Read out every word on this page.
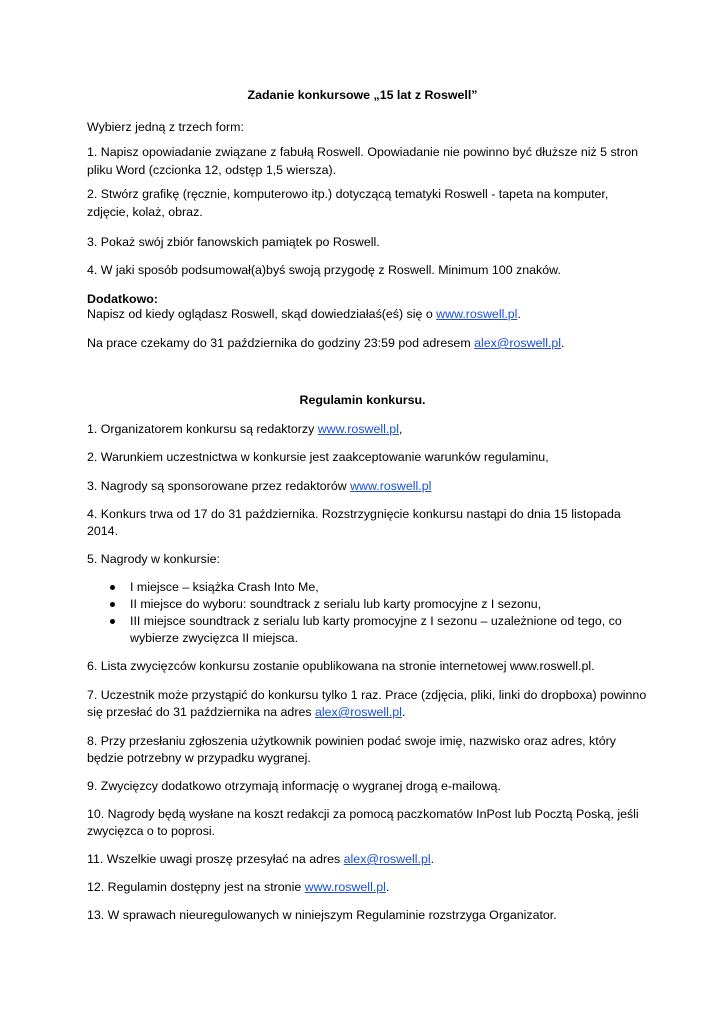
Zadanie konkursowe „15 lat z Roswell”

Wybierz jedną z trzech form:

1. Napisz opowiadanie związane z fabułą Roswell. Opowiadanie nie powinno być dłuższe niż 5 stron

pliku Word (czcionka 12, odstęp 1,5 wiersza).

2. Stwórz grafikę (ręcznie, komputerowo itp.) dotyczącą tematyki Roswell - tapeta na komputer,

zdjęcie, kolaż, obraz.

3. Pokaż swój zbiór fanowskich pamiątek po Roswell.

4. W jaki sposób podsumował(a)byś swoją przygodę z Roswell. Minimum 100 znaków.

Dodatkowo:

Napisz od kiedy oglądasz Roswell, skąd dowiedziałaś(eś) się o www.roswell.pl.

Na prace czekamy do 31 października do godziny 23:59 pod adresem alex@roswell.pl.

Regulamin konkursu.

1. Organizatorem konkursu są redaktorzy www.roswell.pl,

2. Warunkiem uczestnictwa w konkursie jest zaakceptowanie warunków regulaminu,

3. Nagrody są sponsorowane przez redaktorów www.roswell.pl

4. Konkurs trwa od 17 do 31 października. Rozstrzygnięcie konkursu nastąpi do dnia 15 listopada

2014.

5. Nagrody w konkursie:

I miejsce – książka Crash Into Me,

II miejsce do wyboru: soundtrack z serialu lub karty promocyjne z I sezonu,

III miejsce soundtrack z serialu lub karty promocyjne z I sezonu – uzależnione od tego, co

wybierze zwycięzca II miejsca.

6. Lista zwycięzców konkursu zostanie opublikowana na stronie internetowej www.roswell.pl.

7. Uczestnik może przystąpić do konkursu tylko 1 raz. Prace (zdjęcia, pliki, linki do dropboxa) powinno

się przesłać do 31 października na adres alex@roswell.pl.

8. Przy przesłaniu zgłoszenia użytkownik powinien podać swoje imię, nazwisko oraz adres, który

będzie potrzebny w przypadku wygranej.

9. Zwycięzcy dodatkowo otrzymają informację o wygranej drogą e-mailową.

10. Nagrody będą wysłane na koszt redakcji za pomocą paczkomatów InPost lub Pocztą Poską, jeśli

zwycięzca o to poprosi.

11. Wszelkie uwagi proszę przesyłać na adres alex@roswell.pl.

12. Regulamin dostępny jest na stronie www.roswell.pl.

13. W sprawach nieuregulowanych w niniejszym Regulaminie rozstrzyga Organizator.
